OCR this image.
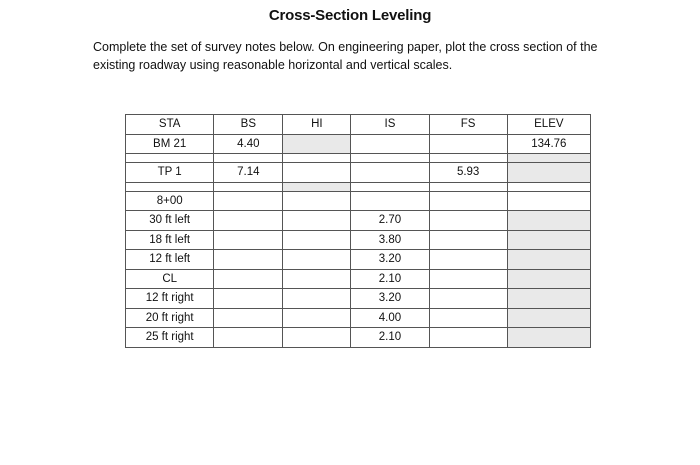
Cross-Section Leveling
Complete the set of survey notes below. On engineering paper, plot the cross section of the existing roadway using reasonable horizontal and vertical scales.
STA	BS	HI	IS	FS	ELEV
BM 21	4.40				134.76

TP 1	7.14			5.93	

8+00					
30 ft left			2.70		
18 ft left			3.80		
12 ft left			3.20		
CL			2.10		
12 ft right			3.20		
20 ft right			4.00		
25 ft right			2.10		
